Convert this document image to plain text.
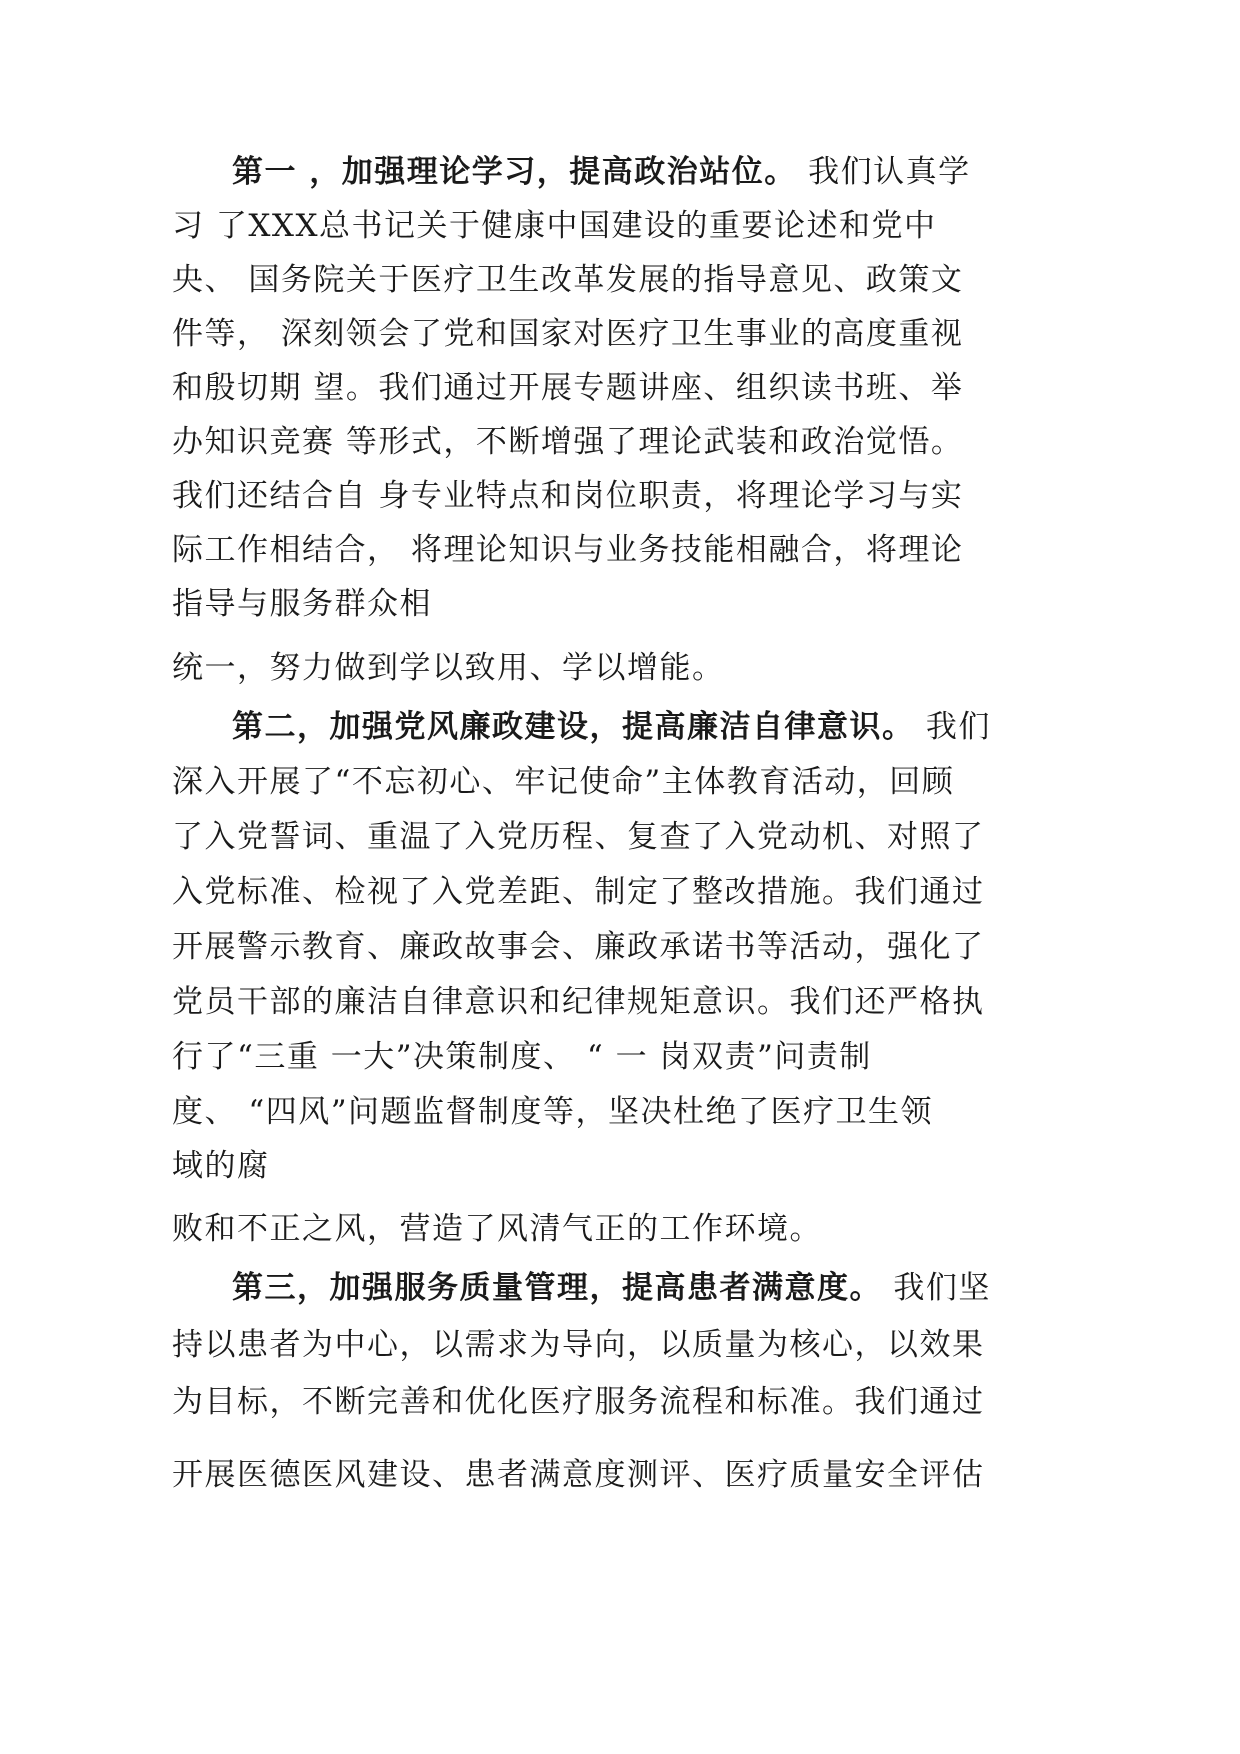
第一 ，加强理论学习，提高政治站位。 我们认真学
习 了XXX总书记关于健康中国建设的重要论述和党中
央、 国务院关于医疗卫生改革发展的指导意见、政策文
件等， 深刻领会了党和国家对医疗卫生事业的高度重视
和殷切期 望。我们通过开展专题讲座、组织读书班、举
办知识竞赛 等形式，不断增强了理论武装和政治觉悟。
我们还结合自 身专业特点和岗位职责，将理论学习与实
际工作相结合， 将理论知识与业务技能相融合，将理论
指导与服务群众相
统一，努力做到学以致用、学以增能。
第二，加强党风廉政建设，提高廉洁自律意识。 我们
深入开展了“不忘初心、牢记使命”主体教育活动，回顾
了入党誓词、重温了入党历程、复查了入党动机、对照了
入党标准、检视了入党差距、制定了整改措施。我们通过
开展警示教育、廉政故事会、廉政承诺书等活动，强化了
党员干部的廉洁自律意识和纪律规矩意识。我们还严格执
行了“三重 一大”决策制度、 “ 一 岗双责”问责制
度、 “四风”问题监督制度等，坚决杜绝了医疗卫生领
域的腐
败和不正之风，营造了风清气正的工作环境。
第三，加强服务质量管理，提高患者满意度。 我们坚
持以患者为中心，以需求为导向，以质量为核心，以效果
为目标，不断完善和优化医疗服务流程和标准。我们通过
开展医德医风建设、患者满意度测评、医疗质量安全评估
